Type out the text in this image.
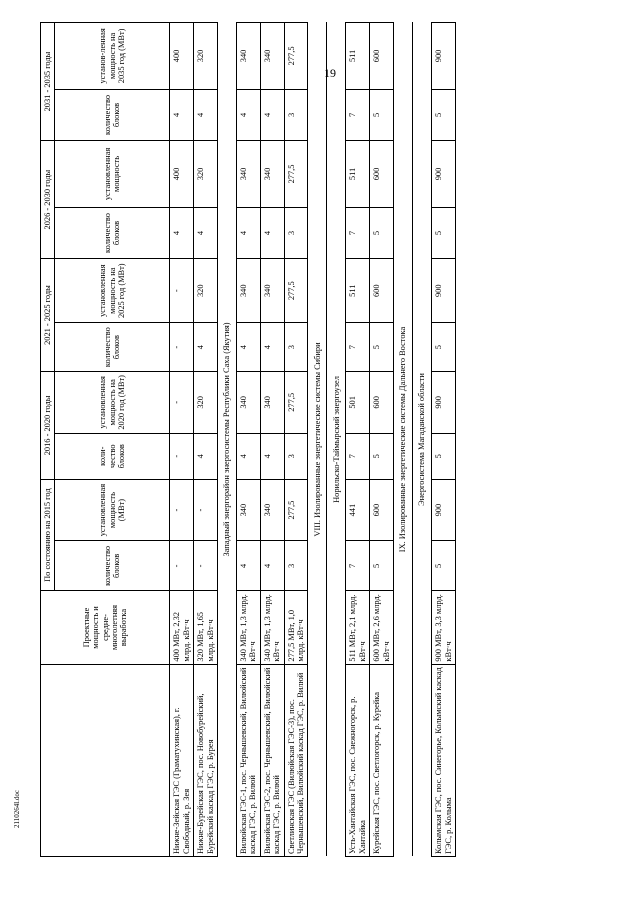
19
2110264l.doc
	Проектные мощность и средне-многолетняя выработка	По состоянию на 2015 год		2016 - 2020 годы		2021 - 2025 годы		2026 - 2030 годы		2031 - 2035 годы	
		количество блоков	установленная мощность (МВт)	коли-чество блоков	установленная мощность на 2020 год (МВт)	количество блоков	установленная мощность на 2025 год (МВт)	количество блоков	установленная мощность	количество блоков	установ-ленная мощность на 2035 год (МВт)
Нижне-Зейская ГЭС (Граматухинская), г. Свободный, р. Зея	400 МВт, 2,32 млрд. кВт·ч	-	-	-	-	-	-	4	400	4	400
Нижне-Бурейская ГЭС, пос. Новобурейский, Бурейский каскад ГЭС, р. Бурея	320 МВт, 1,65 млрд. кВт·ч	-	-	4	320	4	320	4	320	4	320
Западный энергорайон энергосистемы Республики Саха (Якутия)											
Вилюйская ГЭС-1, пос. Чернышевский, Вилюйский каскад ГЭС, р. Вилюй	340 МВт, 1,3 млрд. кВт·ч	4	340	4	340	4	340	4	340	4	340
Вилюйская ГЭС-2, пос. Чернышевский, Вилюйский каскад ГЭС, р. Вилюй	340 МВт, 1,3 млрд. кВт·ч	4	340	4	340	4	340	4	340	4	340
Светлинская ГЭС (Вилюйская ГЭС-3), пос. Чернышевский, Вилюйский каскад ГЭС, р. Вилюй	277,5 МВт, 1,0 млрд. кВт·ч	3	277,5	3	277,5	3	277,5	3	277,5	3	277,5
VIII. Изолированные энергетические системы Сибири											
Норильско-Таймырский энергоузел											
Усть-Хантайская ГЭС, пос. Снежногорск, р. Хантайка	511 МВт, 2,1 млрд. кВт·ч	7	441	7	501	7	511	7	511	7	511
Курейская ГЭС, пос. Светлогорск, р. Курейка	600 МВт, 2,6 млрд. кВт·ч	5	600	5	600	5	600	5	600	5	600
IX. Изолированные энергетические системы Дальнего Востока											
Энергосистема Магаданской области											
Колымская ГЭС, пос. Синегорье, Колымский каскад ГЭС, р. Колыма	900 МВт, 3,3 млрд. кВт·ч	5	900	5	900	5	900	5	900	5	900
